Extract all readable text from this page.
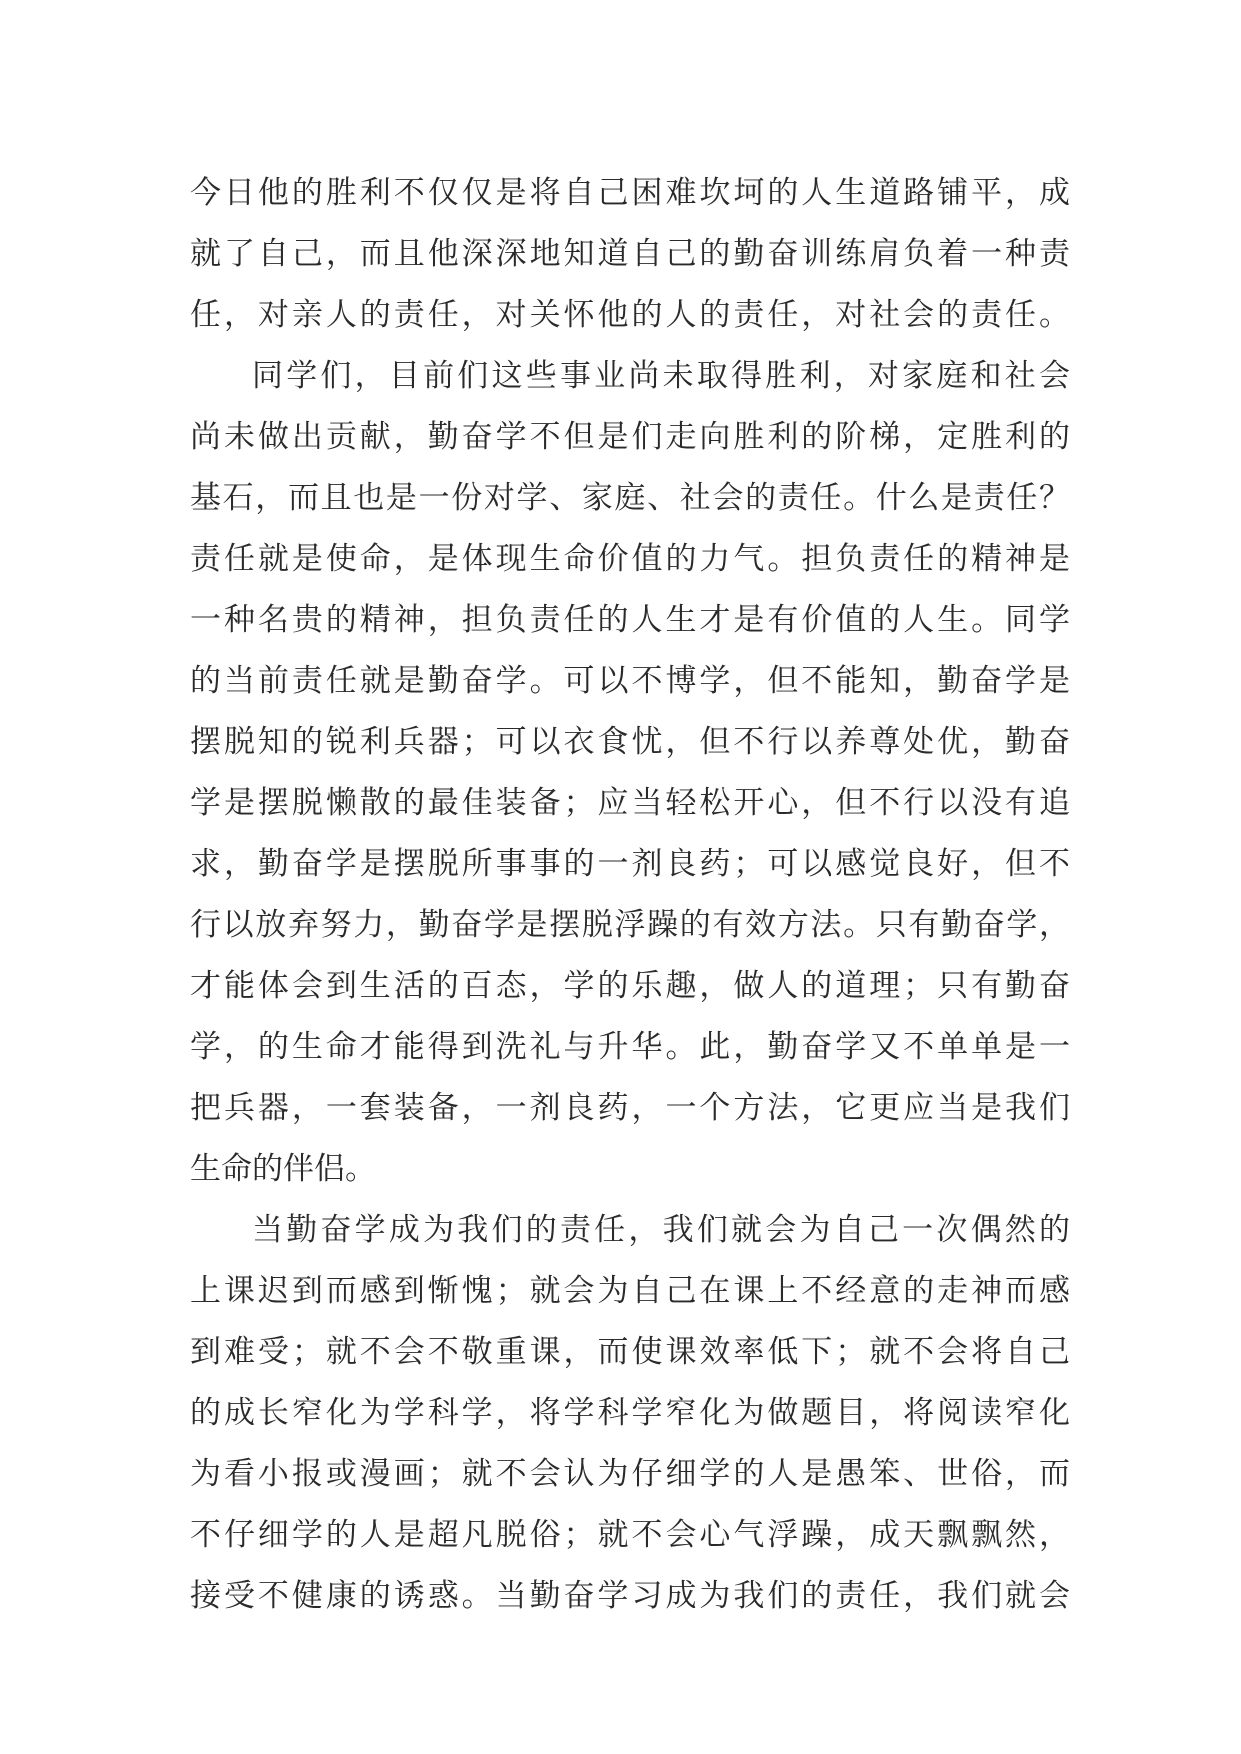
今日他的胜利不仅仅是将自己困难坎坷的人生道路铺平，成
就了自己，而且他深深地知道自己的勤奋训练肩负着一种责
任，对亲人的责任，对关怀他的人的责任，对社会的责任。
同学们，目前们这些事业尚未取得胜利，对家庭和社会
尚未做出贡献，勤奋学不但是们走向胜利的阶梯，定胜利的
基石，而且也是一份对学、家庭、社会的责任。什么是责任？
责任就是使命，是体现生命价值的力气。担负责任的精神是
一种名贵的精神，担负责任的人生才是有价值的人生。同学
的当前责任就是勤奋学。可以不博学，但不能知，勤奋学是
摆脱知的锐利兵器；可以衣食忧，但不行以养尊处优，勤奋
学是摆脱懒散的最佳装备；应当轻松开心，但不行以没有追
求，勤奋学是摆脱所事事的一剂良药；可以感觉良好，但不
行以放弃努力，勤奋学是摆脱浮躁的有效方法。只有勤奋学，
才能体会到生活的百态，学的乐趣，做人的道理；只有勤奋
学，的生命才能得到洗礼与升华。此，勤奋学又不单单是一
把兵器，一套装备，一剂良药，一个方法，它更应当是我们
生命的伴侣。
当勤奋学成为我们的责任，我们就会为自己一次偶然的
上课迟到而感到惭愧；就会为自己在课上不经意的走神而感
到难受；就不会不敬重课，而使课效率低下；就不会将自己
的成长窄化为学科学，将学科学窄化为做题目，将阅读窄化
为看小报或漫画；就不会认为仔细学的人是愚笨、世俗，而
不仔细学的人是超凡脱俗；就不会心气浮躁，成天飘飘然，
接受不健康的诱惑。当勤奋学习成为我们的责任，我们就会
